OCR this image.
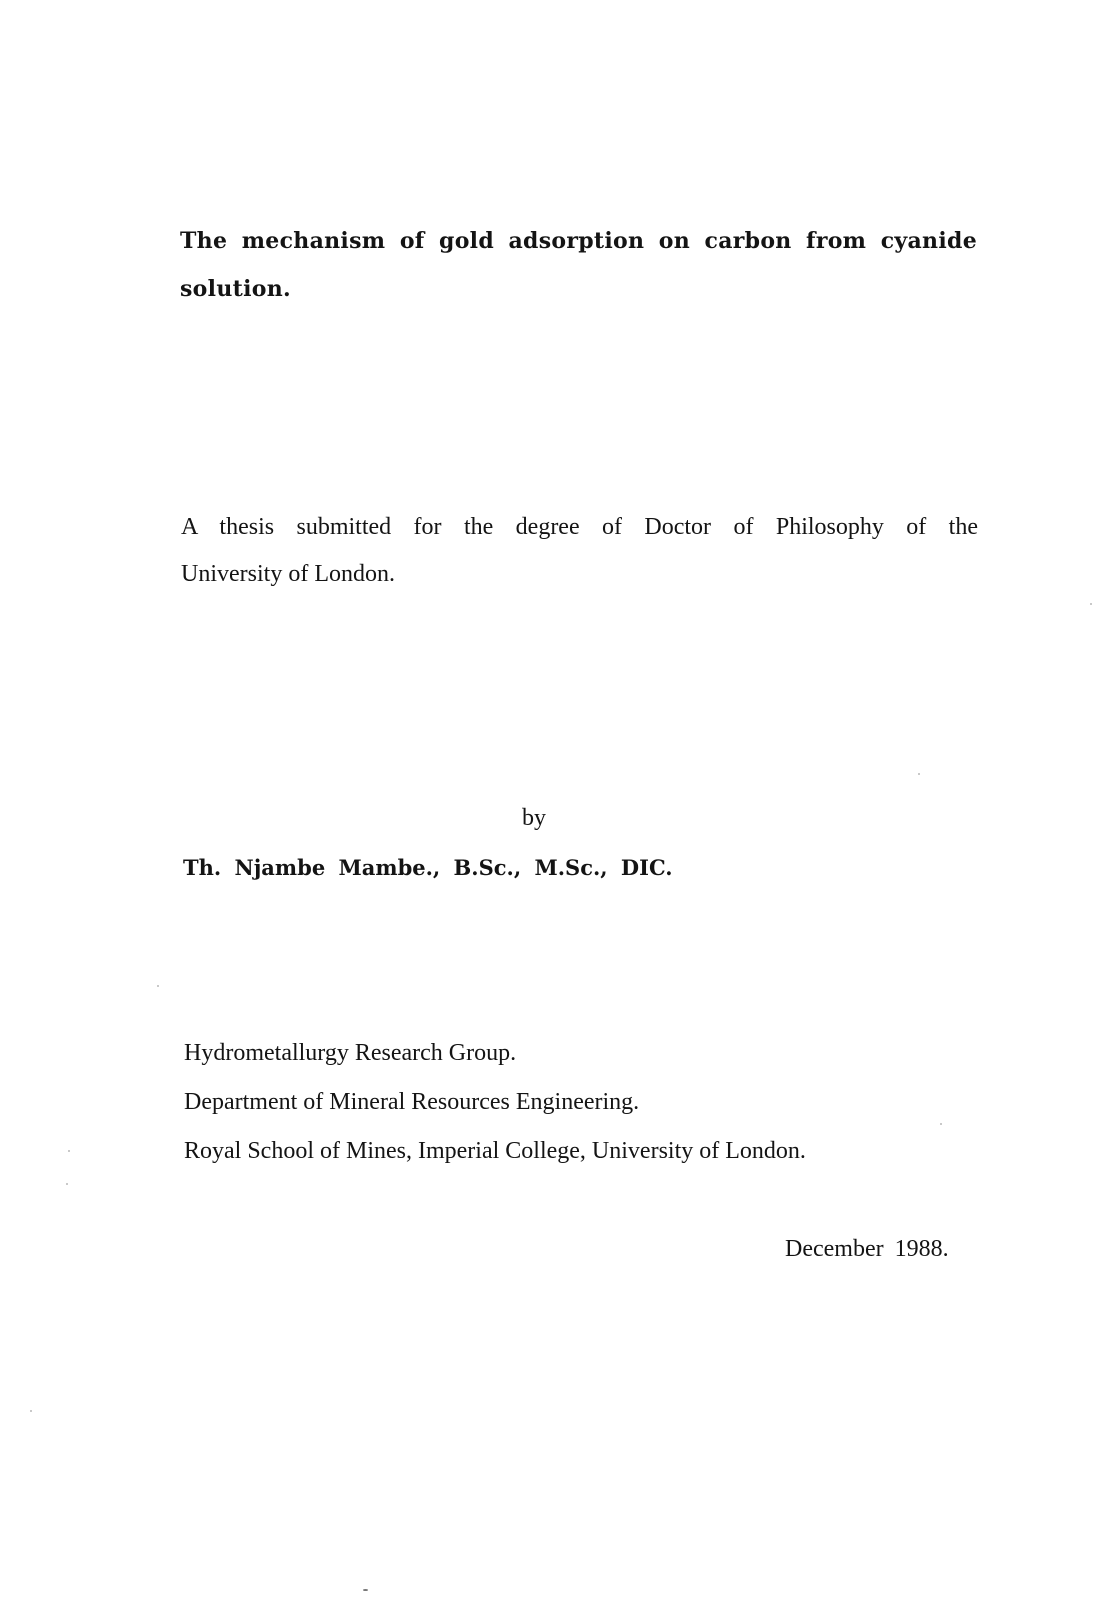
The mechanism of gold adsorption on carbon from cyanide

solution.

A thesis submitted for the degree of Doctor of Philosophy of the

University of London.

by

Th. Njambe Mambe., B.Sc., M.Sc., DIC.

Hydrometallurgy Research Group.

Department of Mineral Resources Engineering.

Royal School of Mines, Imperial College, University of London.

December 1988.
